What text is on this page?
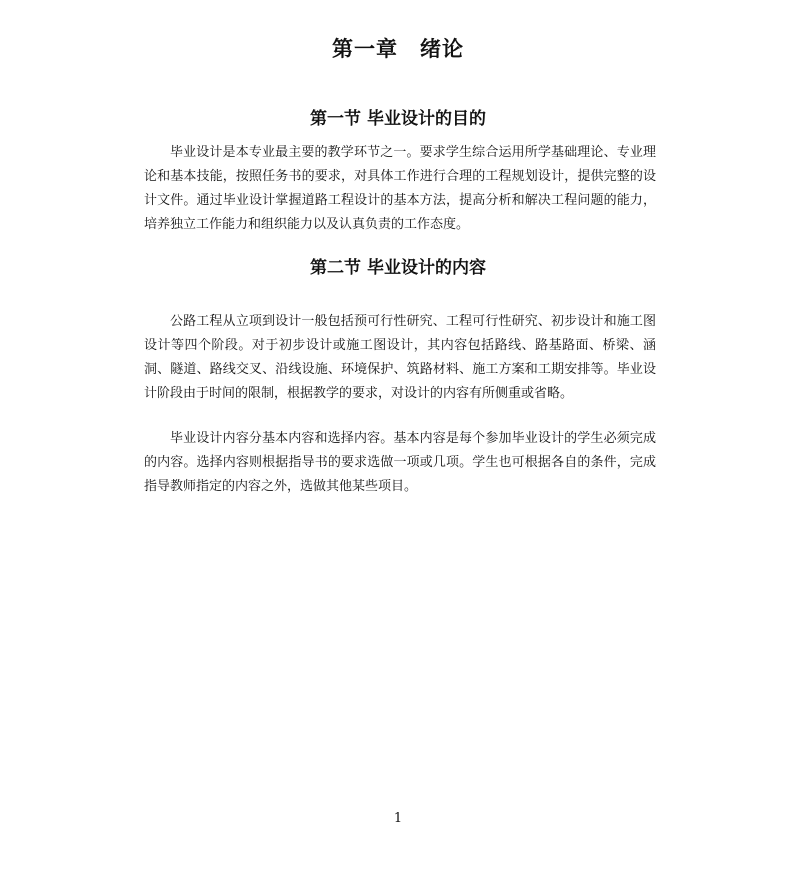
第一章　绪论
第一节 毕业设计的目的

毕业设计是本专业最主要的教学环节之一。要求学生综合运用所学基础理论、专业理论和基本技能，按照任务书的要求，对具体工作进行合理的工程规划设计，提供完整的设计文件。通过毕业设计掌握道路工程设计的基本方法，提高分析和解决工程问题的能力，培养独立工作能力和组织能力以及认真负责的工作态度。

第二节 毕业设计的内容

公路工程从立项到设计一般包括预可行性研究、工程可行性研究、初步设计和施工图设计等四个阶段。对于初步设计或施工图设计，其内容包括路线、路基路面、桥梁、涵洞、隧道、路线交叉、沿线设施、环境保护、筑路材料、施工方案和工期安排等。毕业设计阶段由于时间的限制，根据教学的要求，对设计的内容有所侧重或省略。

毕业设计内容分基本内容和选择内容。基本内容是每个参加毕业设计的学生必须完成的内容。选择内容则根据指导书的要求选做一项或几项。学生也可根据各自的条件，完成指导教师指定的内容之外，选做其他某些项目。

1
